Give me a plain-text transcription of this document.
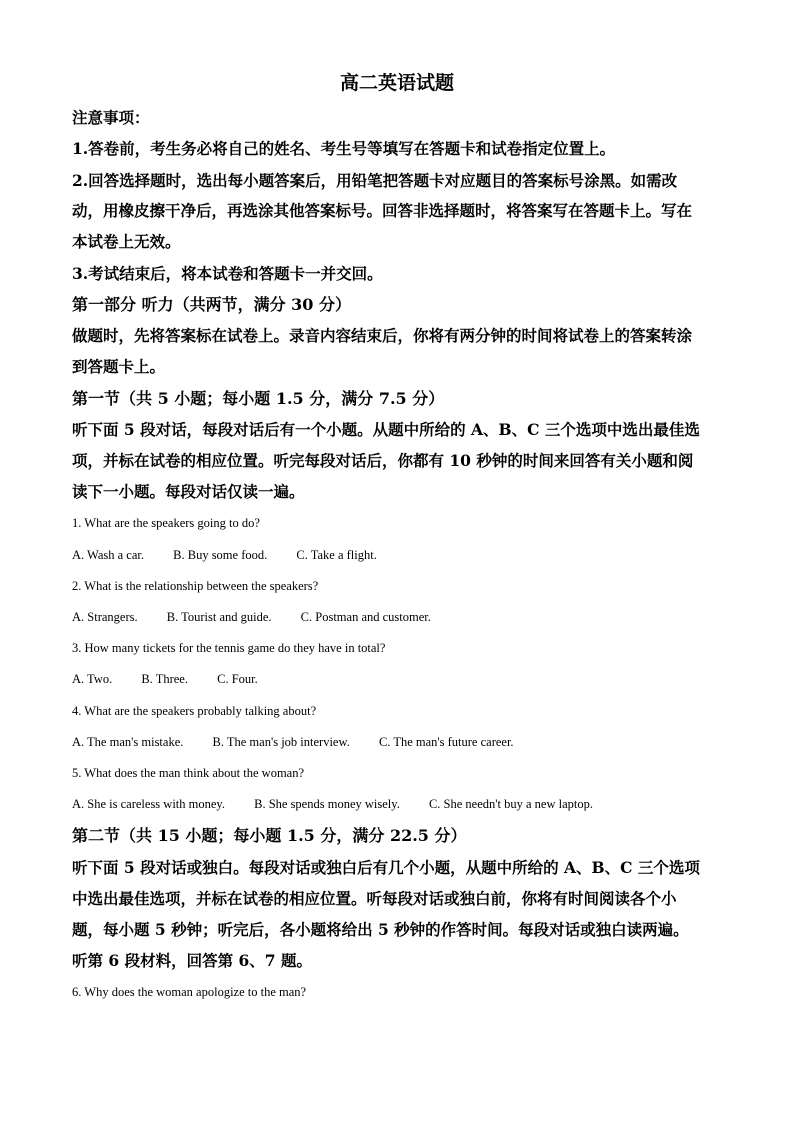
高二英语试题
注意事项：
1.答卷前，考生务必将自己的姓名、考生号等填写在答题卡和试卷指定位置上。
2.回答选择题时，选出每小题答案后，用铅笔把答题卡对应题目的答案标号涂黑。如需改
动，用橡皮擦干净后，再选涂其他答案标号。回答非选择题时，将答案写在答题卡上。写在
本试卷上无效。
3.考试结束后，将本试卷和答题卡一并交回。
第一部分 听力（共两节，满分 30 分）
做题时，先将答案标在试卷上。录音内容结束后，你将有两分钟的时间将试卷上的答案转涂
到答题卡上。
第一节（共 5 小题；每小题 1.5 分，满分 7.5 分）
听下面 5 段对话，每段对话后有一个小题。从题中所给的 A、B、C 三个选项中选出最佳选
项，并标在试卷的相应位置。听完每段对话后，你都有 10 秒钟的时间来回答有关小题和阅
读下一小题。每段对话仅读一遍。
1. What are the speakers going to do?
A. Wash a car. B. Buy some food. C. Take a flight.
2. What is the relationship between the speakers?
A. Strangers. B. Tourist and guide. C. Postman and customer.
3. How many tickets for the tennis game do they have in total?
A. Two. B. Three. C. Four.
4. What are the speakers probably talking about?
A. The man's mistake. B. The man's job interview. C. The man's future career.
5. What does the man think about the woman?
A. She is careless with money. B. She spends money wisely. C. She needn't buy a new laptop.
第二节（共 15 小题；每小题 1.5 分，满分 22.5 分）
听下面 5 段对话或独白。每段对话或独白后有几个小题，从题中所给的 A、B、C 三个选项
中选出最佳选项，并标在试卷的相应位置。听每段对话或独白前，你将有时间阅读各个小
题，每小题 5 秒钟；听完后，各小题将给出 5 秒钟的作答时间。每段对话或独白读两遍。
听第 6 段材料，回答第 6、7 题。
6. Why does the woman apologize to the man?
